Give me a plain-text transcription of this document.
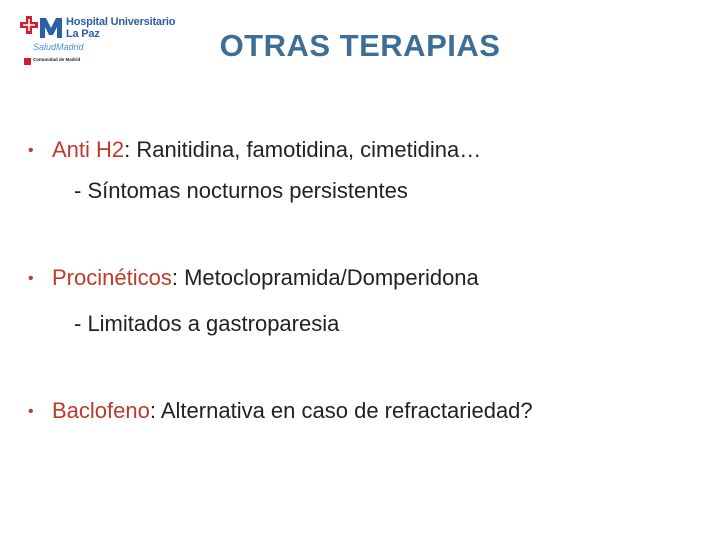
Hospital Universitario
La Paz
SaludMadrid
Comunidad de Madrid	OTRAS TERAPIAS
• Anti H2: Ranitidina, famotidina, cimetidina…
- Síntomas nocturnos persistentes
• Procinéticos: Metoclopramida/Domperidona
- Limitados a gastroparesia
• Baclofeno: Alternativa en caso de refractariedad?
